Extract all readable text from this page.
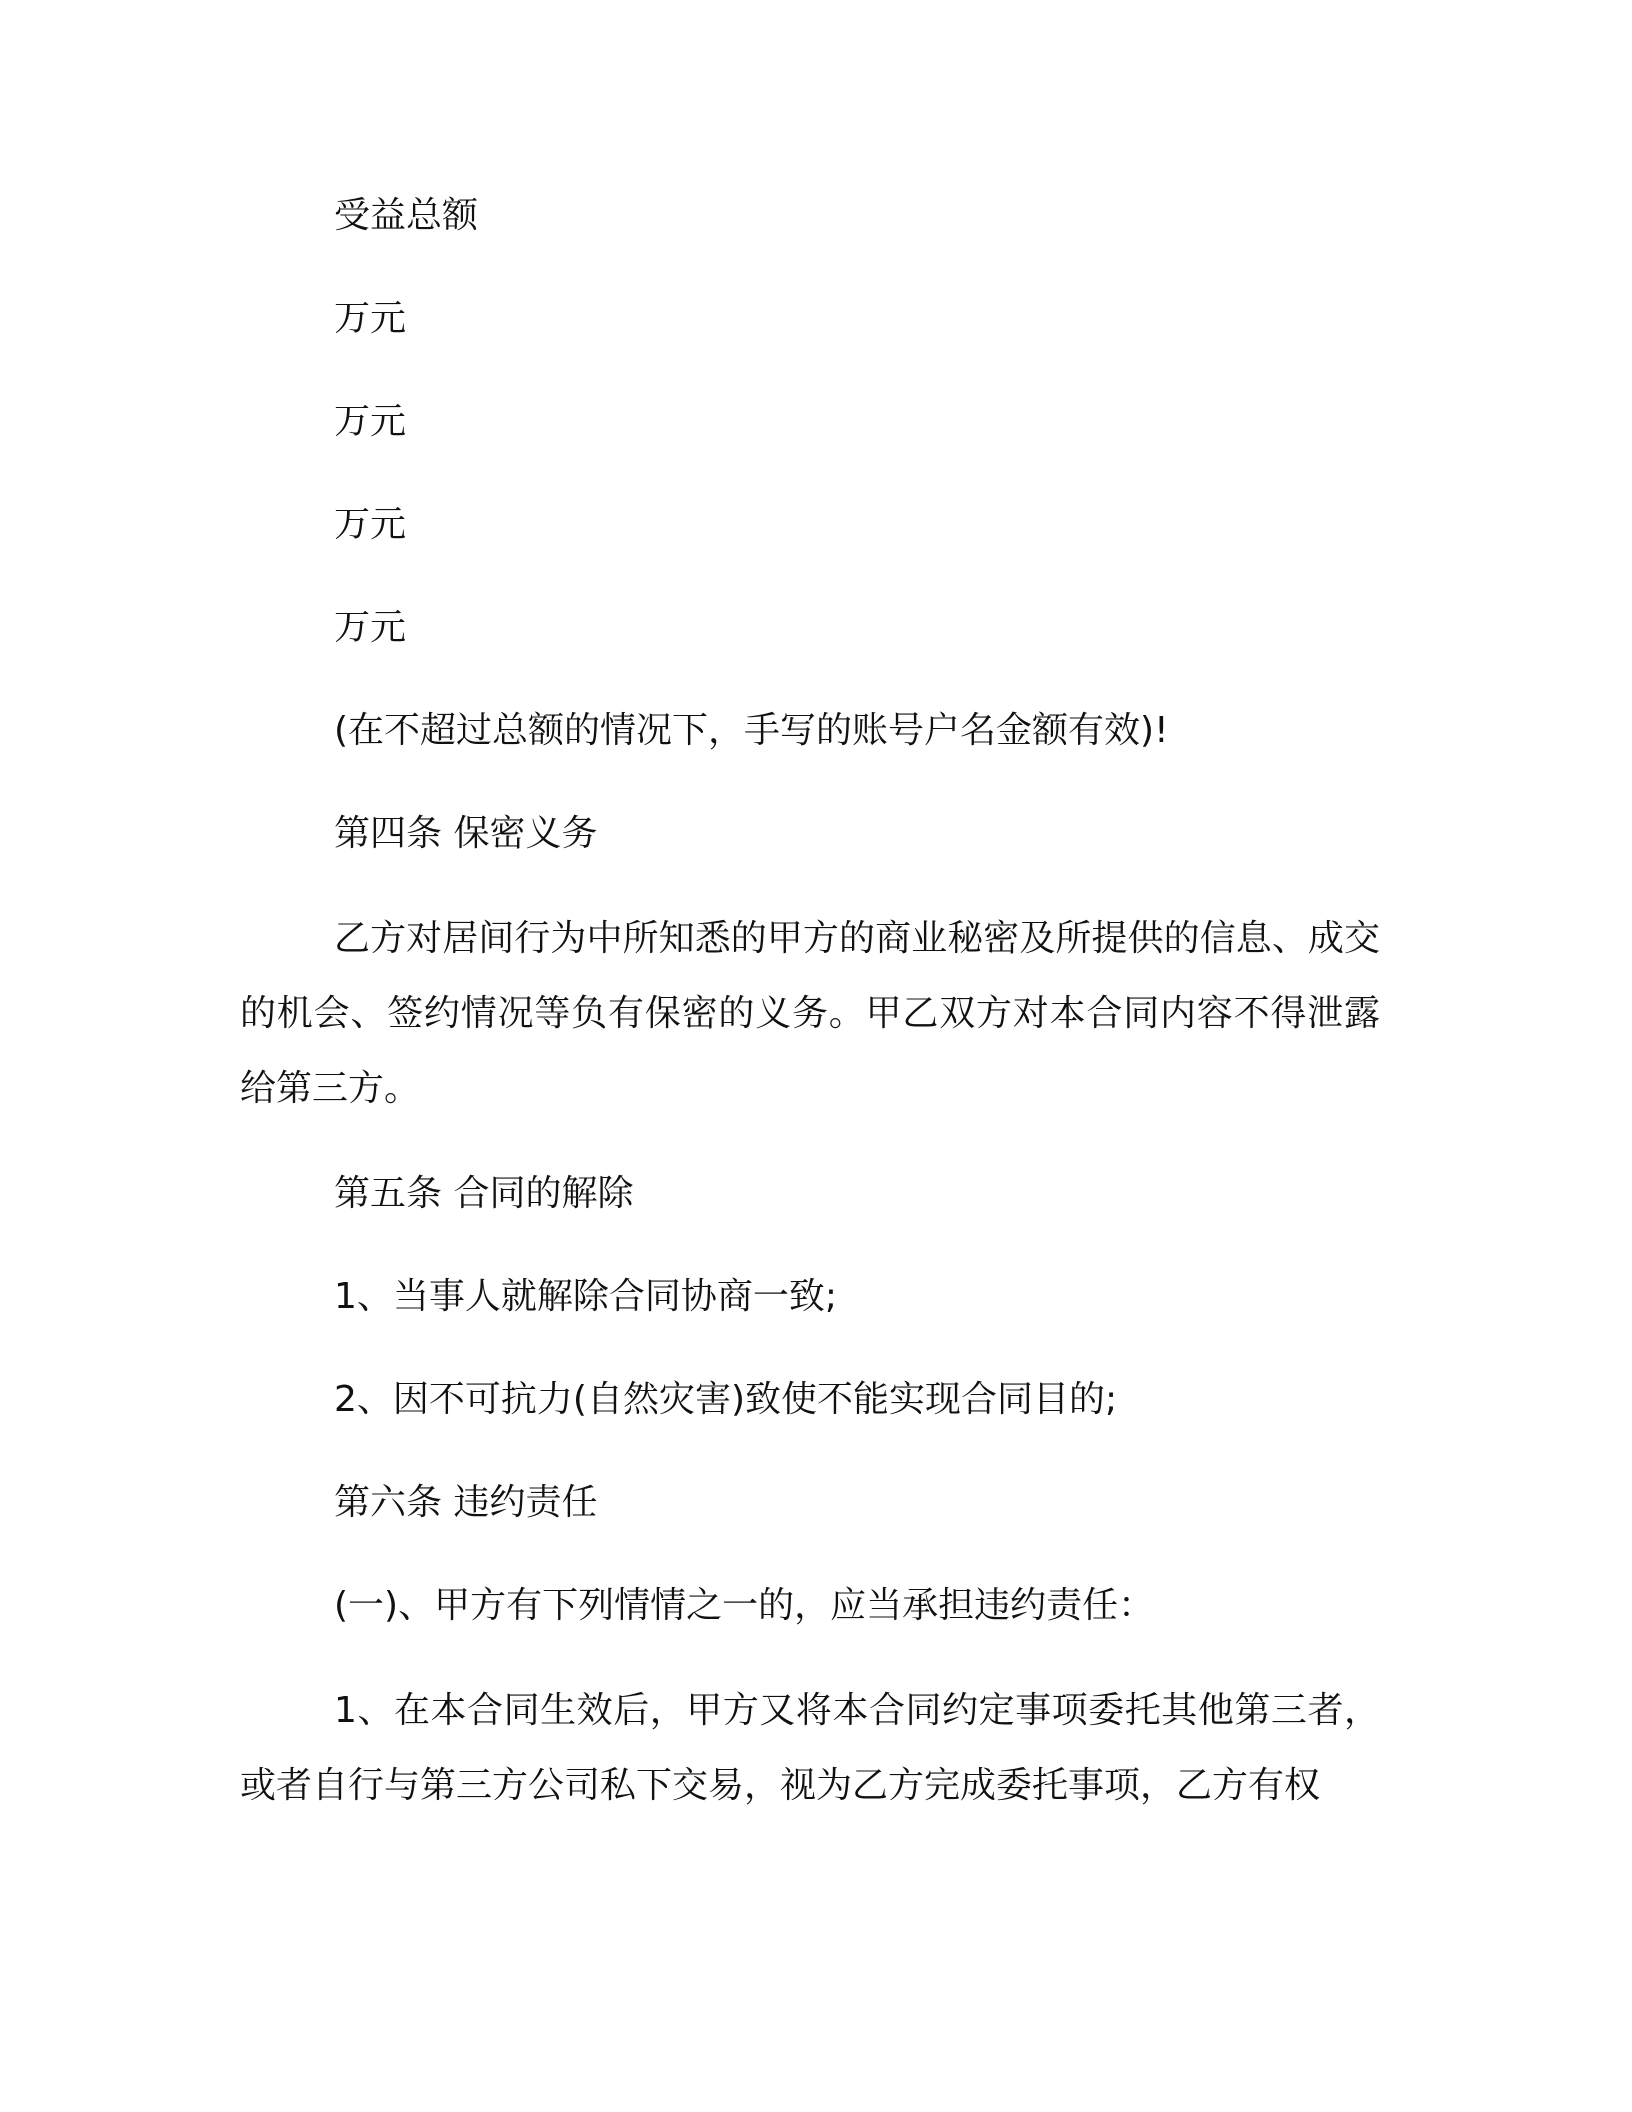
受益总额
万元
万元
万元
万元
(在不超过总额的情况下，手写的账号户名金额有效)!
第四条 保密义务
乙方对居间行为中所知悉的甲方的商业秘密及所提供的信息、成交的机会、签约情况等负有保密的义务。甲乙双方对本合同内容不得泄露给第三方。
第五条 合同的解除
1、当事人就解除合同协商一致;
2、因不可抗力(自然灾害)致使不能实现合同目的;
第六条 违约责任
(一)、甲方有下列情情之一的，应当承担违约责任：
1、在本合同生效后，甲方又将本合同约定事项委托其他第三者，或者自行与第三方公司私下交易，视为乙方完成委托事项，乙方有权
